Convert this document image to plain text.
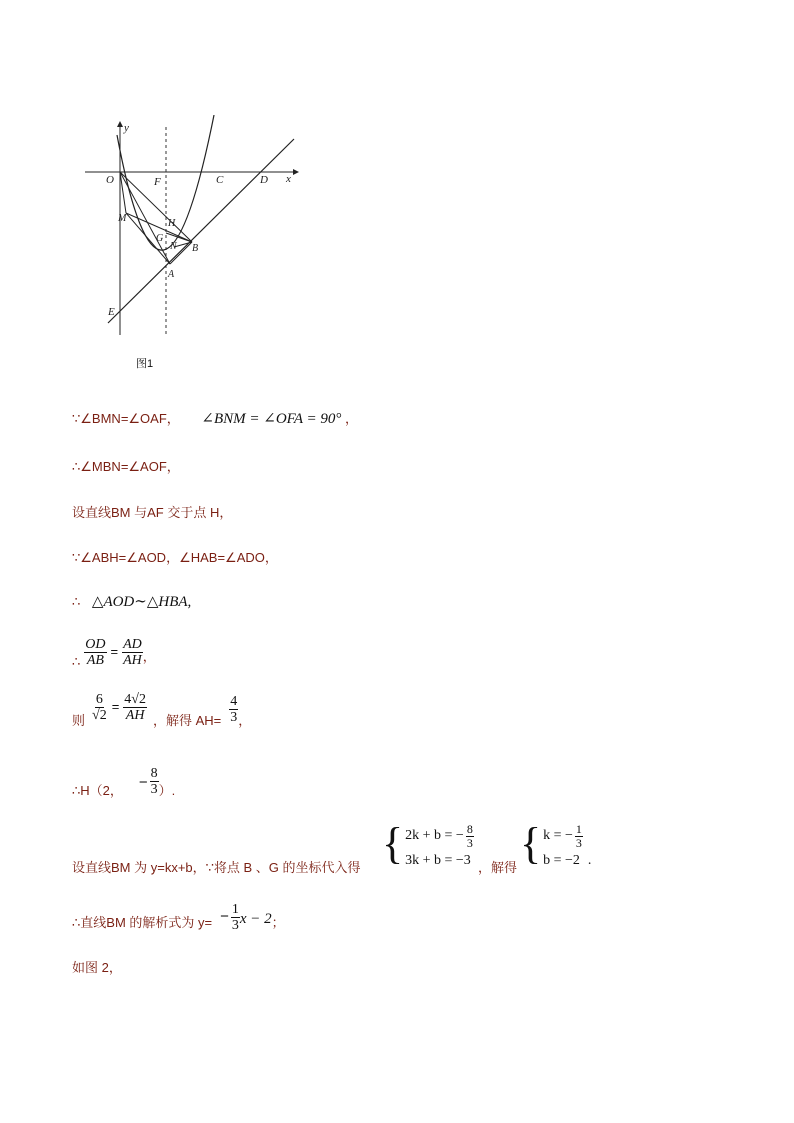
y
x
O	F	C	D
M	H
G
N B
A
E
图1
∵∠BMN=∠OAF， ∠BNM = ∠OFA = 90° ，
∴∠MBN=∠AOF，
设直线BM 与AF 交于点 H，
∵∠ABH=∠AOD，∠HAB=∠ADO，
∴ △AOD∼△HBA,
∴ $\frac{OD}{AB} = \frac{AD}{AH}$ ，
则 $\frac{6}{√2} = \frac{4√2}{AH}$ ，解得 $AH= \frac{4}{3}$ ，
∴H（2， − $\frac{8}{3}$ ）.
设直线BM 为 y=kx+b，∵将点 B 、G 的坐标代入得 { 2k + b = − $\frac{8}{3}$
3k + b = −3 ，解得 { k = − $\frac{1}{3}$
b = −2 .
∴直线BM 的解析式为 $y= - \frac{1}{3}$ x − 2 ；
如图 2，
